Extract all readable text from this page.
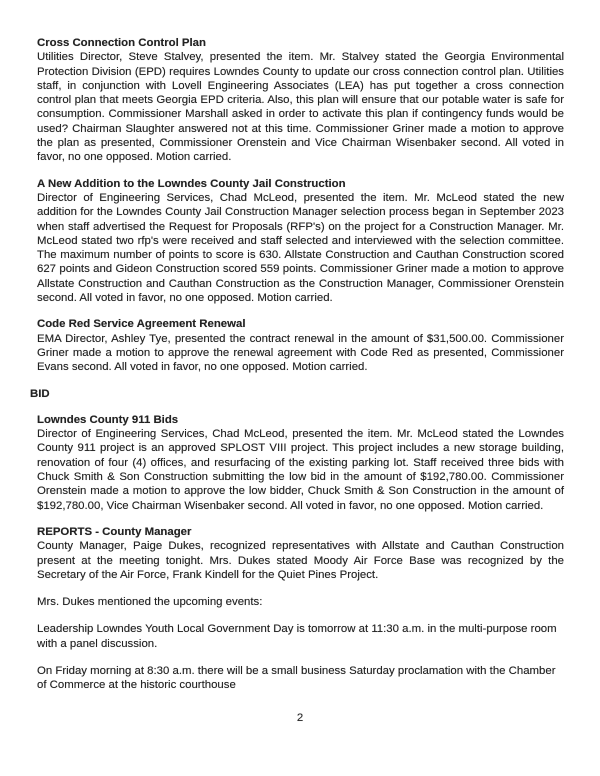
Cross Connection Control Plan

Utilities Director, Steve Stalvey, presented the item. Mr. Stalvey stated the Georgia Environmental Protection Division (EPD) requires Lowndes County to update our cross connection control plan. Utilities staff, in conjunction with Lovell Engineering Associates (LEA) has put together a cross connection control plan that meets Georgia EPD criteria. Also, this plan will ensure that our potable water is safe for consumption. Commissioner Marshall asked in order to activate this plan if contingency funds would be used? Chairman Slaughter answered not at this time. Commissioner Griner made a motion to approve the plan as presented, Commissioner Orenstein and Vice Chairman Wisenbaker second. All voted in favor, no one opposed. Motion carried.

A New Addition to the Lowndes County Jail Construction

Director of Engineering Services, Chad McLeod, presented the item. Mr. McLeod stated the new addition for the Lowndes County Jail Construction Manager selection process began in September 2023 when staff advertised the Request for Proposals (RFP's) on the project for a Construction Manager. Mr. McLeod stated two rfp's were received and staff selected and interviewed with the selection committee. The maximum number of points to score is 630. Allstate Construction and Cauthan Construction scored 627 points and Gideon Construction scored 559 points. Commissioner Griner made a motion to approve Allstate Construction and Cauthan Construction as the Construction Manager, Commissioner Orenstein second. All voted in favor, no one opposed. Motion carried.

Code Red Service Agreement Renewal

EMA Director, Ashley Tye, presented the contract renewal in the amount of $31,500.00. Commissioner Griner made a motion to approve the renewal agreement with Code Red as presented, Commissioner Evans second. All voted in favor, no one opposed. Motion carried.

BID
Lowndes County 911 Bids

Director of Engineering Services, Chad McLeod, presented the item. Mr. McLeod stated the Lowndes County 911 project is an approved SPLOST VIII project. This project includes a new storage building, renovation of four (4) offices, and resurfacing of the existing parking lot. Staff received three bids with Chuck Smith & Son Construction submitting the low bid in the amount of $192,780.00. Commissioner Orenstein made a motion to approve the low bidder, Chuck Smith & Son Construction in the amount of $192,780.00, Vice Chairman Wisenbaker second. All voted in favor, no one opposed. Motion carried.

REPORTS - County Manager

County Manager, Paige Dukes, recognized representatives with Allstate and Cauthan Construction present at the meeting tonight. Mrs. Dukes stated Moody Air Force Base was recognized by the Secretary of the Air Force, Frank Kindell for the Quiet Pines Project.

Mrs. Dukes mentioned the upcoming events:

Leadership Lowndes Youth Local Government Day is tomorrow at 11:30 a.m. in the multi-purpose room with a panel discussion.

On Friday morning at 8:30 a.m. there will be a small business Saturday proclamation with the Chamber of Commerce at the historic courthouse

2
